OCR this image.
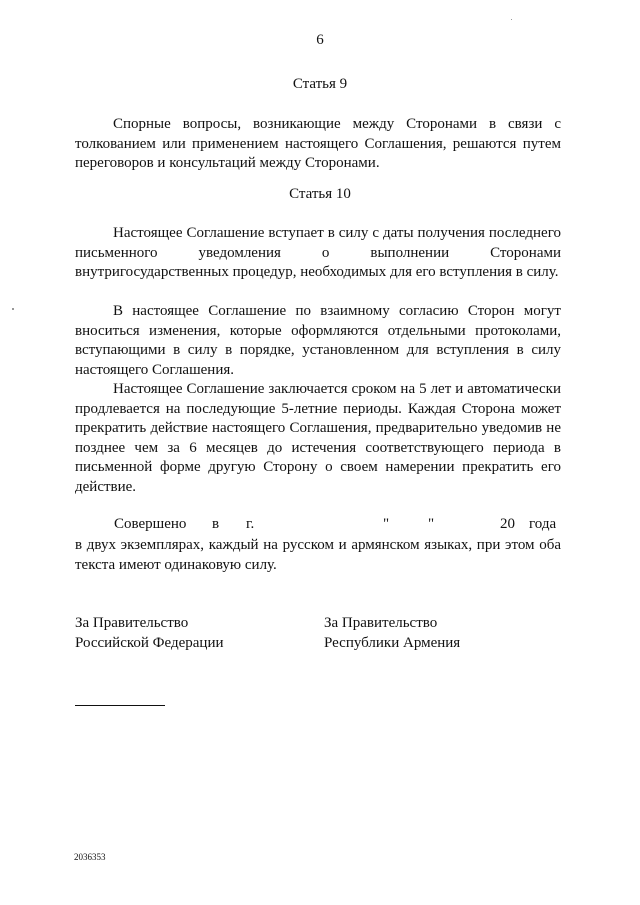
6
Статья 9

Спорные вопросы, возникающие между Сторонами в связи с толкованием или применением настоящего Соглашения, решаются путем переговоров и консультаций между Сторонами.

Статья 10

Настоящее Соглашение вступает в силу с даты получения последнего письменного уведомления о выполнении Сторонами внутригосударственных процедур, необходимых для его вступления в силу.

В настоящее Соглашение по взаимному согласию Сторон могут вноситься изменения, которые оформляются отдельными протоколами, вступающими в силу в порядке, установленном для вступления в силу настоящего Соглашения.

Настоящее Соглашение заключается сроком на 5 лет и автоматически продлевается на последующие 5-летние периоды. Каждая Сторона может прекратить действие настоящего Соглашения, предварительно уведомив не позднее чем за 6 месяцев до истечения соответствующего периода в письменной форме другую Сторону о своем намерении прекратить его действие.

Совершено в г.	"	"	20 года

в двух экземплярах, каждый на русском и армянском языках, при этом оба текста имеют одинаковую силу.

За Правительство
Российской Федерации
За Правительство
Республики Армения
2036353
